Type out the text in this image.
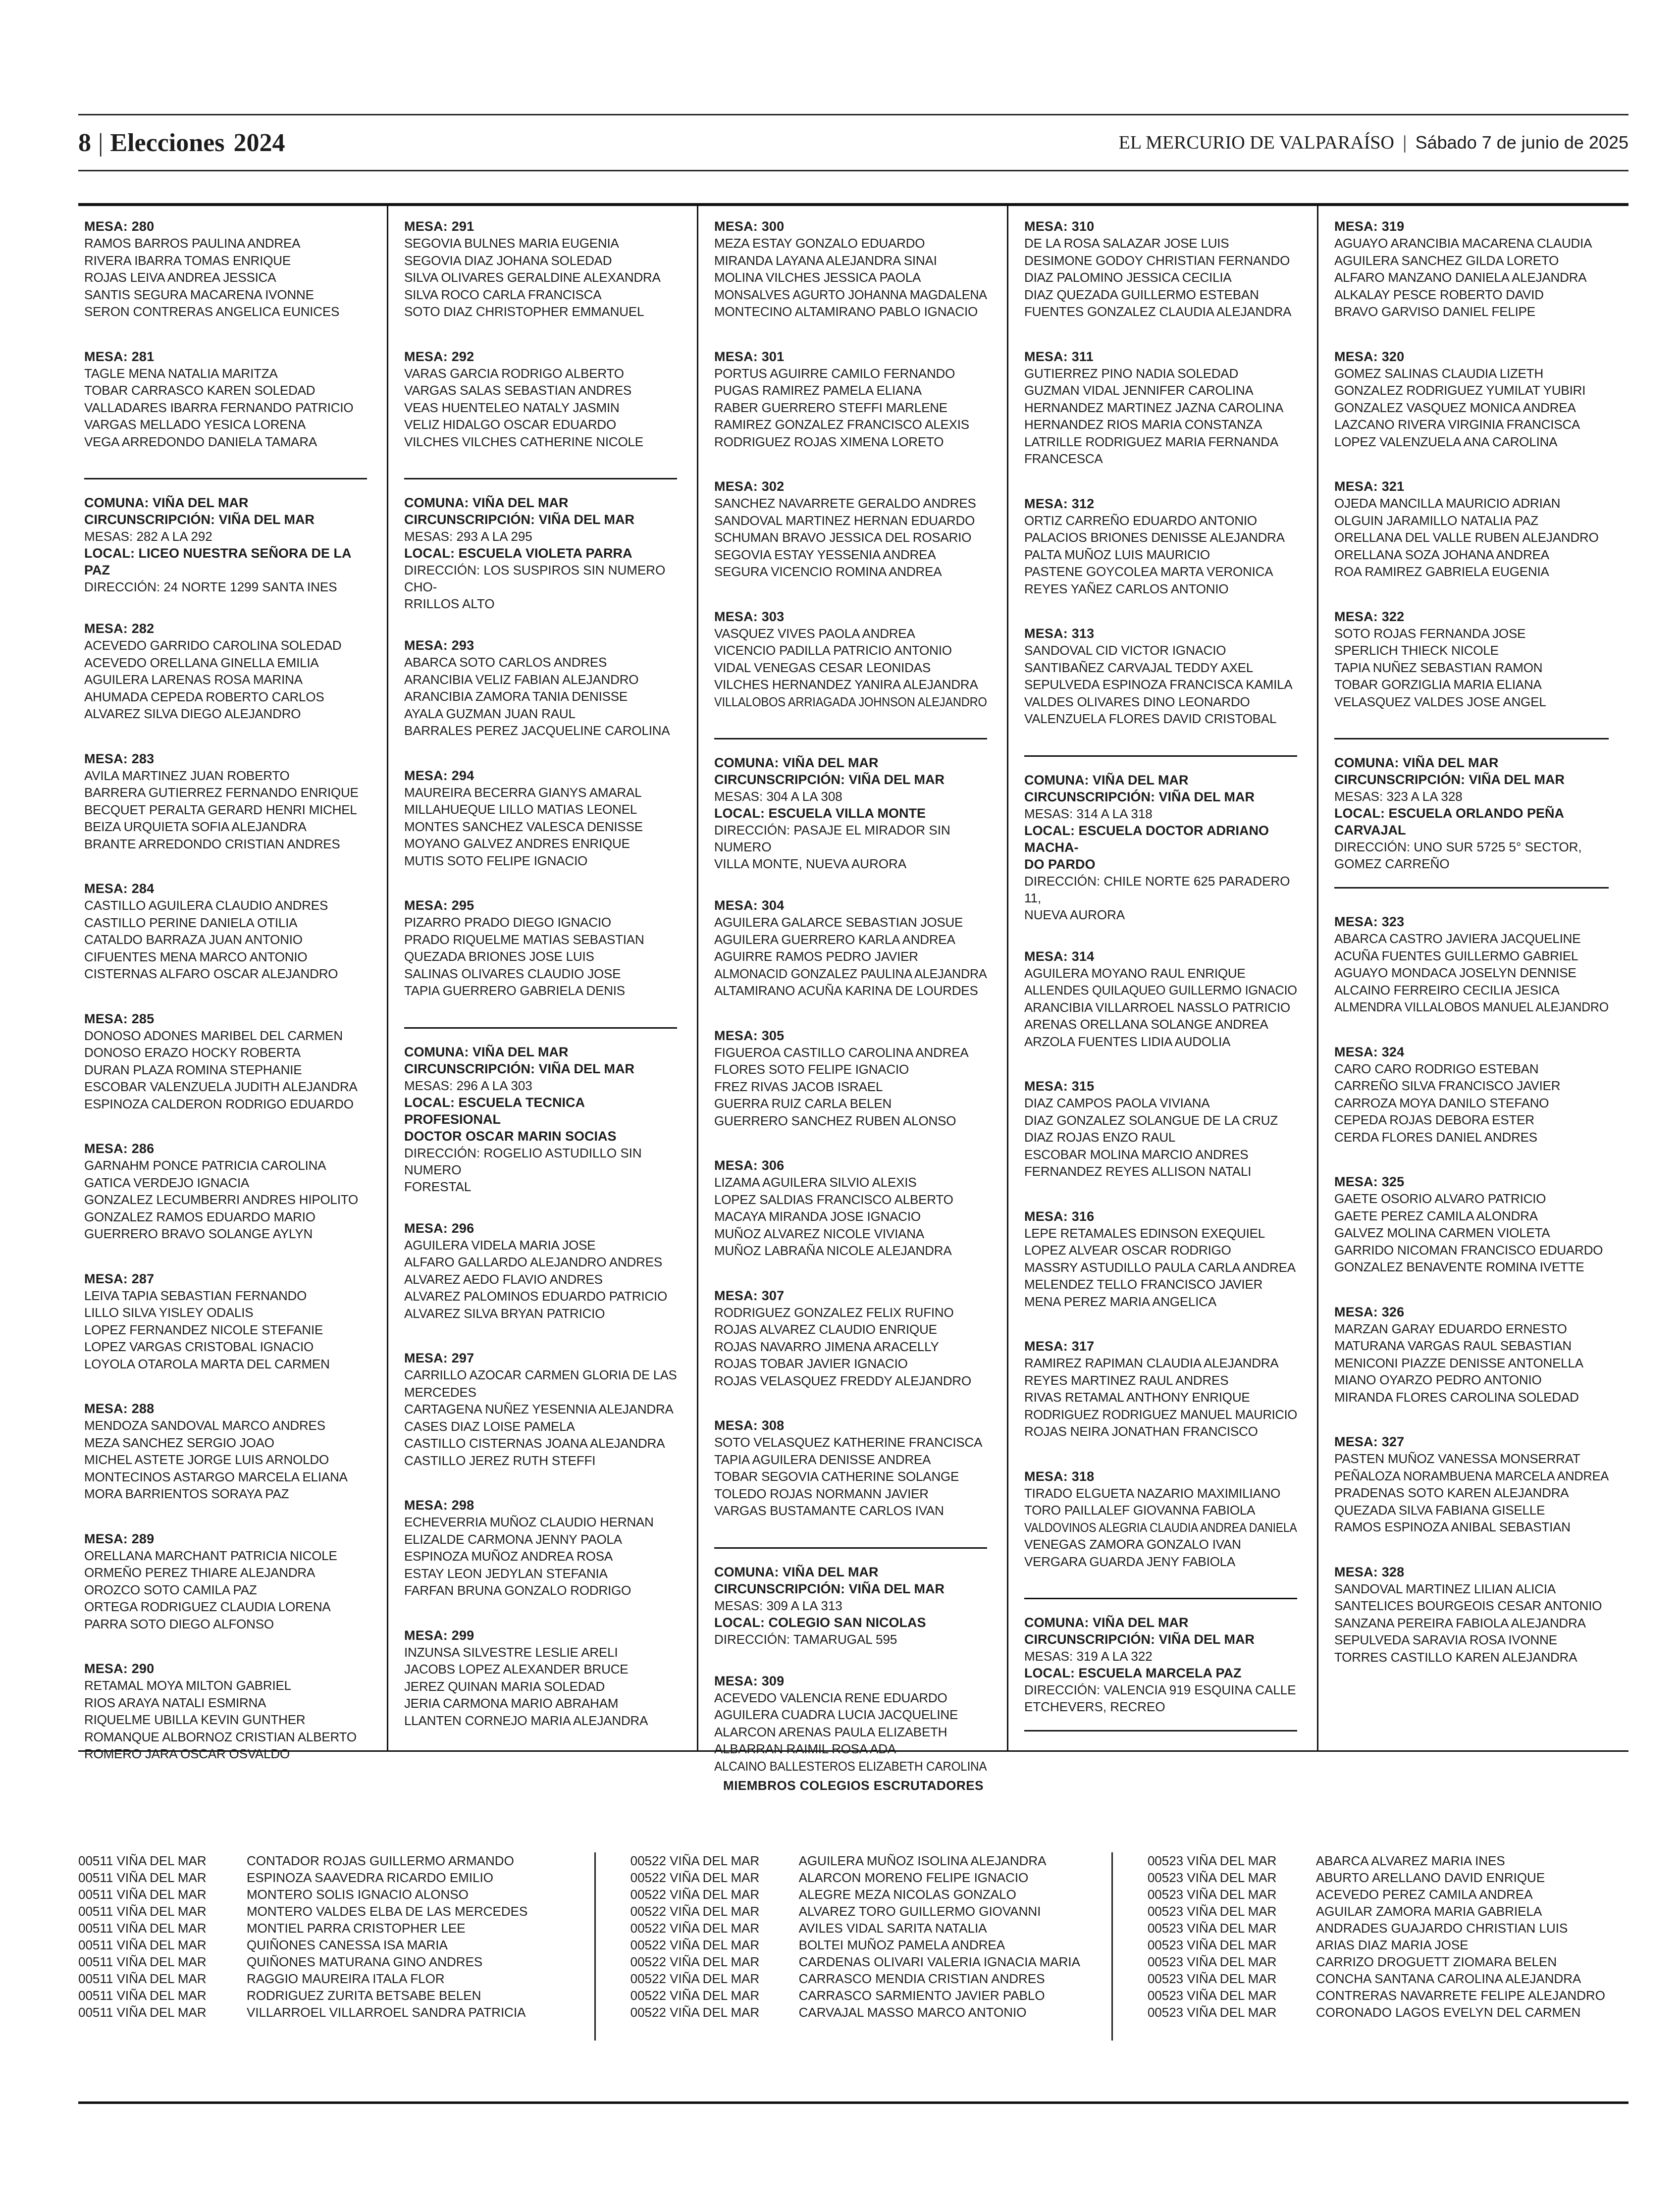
8 | Elecciones 2024	EL MERCURIO DE VALPARAÍSO | Sábado 7 de junio de 2025
MESA: 280
RAMOS BARROS PAULINA ANDREA
RIVERA IBARRA TOMAS ENRIQUE
ROJAS LEIVA ANDREA JESSICA
SANTIS SEGURA MACARENA IVONNE
SERON CONTRERAS ANGELICA EUNICES
MESA: 281
TAGLE MENA NATALIA MARITZA
TOBAR CARRASCO KAREN SOLEDAD
VALLADARES IBARRA FERNANDO PATRICIO
VARGAS MELLADO YESICA LORENA
VEGA ARREDONDO DANIELA TAMARA
COMUNA: VIÑA DEL MAR
CIRCUNSCRIPCIÓN: VIÑA DEL MAR
MESAS: 282 A LA 292
LOCAL: LICEO NUESTRA SEÑORA DE LA PAZ
DIRECCIÓN: 24 NORTE 1299 SANTA INES
MESA: 282
ACEVEDO GARRIDO CAROLINA SOLEDAD
ACEVEDO ORELLANA GINELLA EMILIA
AGUILERA LARENAS ROSA MARINA
AHUMADA CEPEDA ROBERTO CARLOS
ALVAREZ SILVA DIEGO ALEJANDRO
MESA: 283
AVILA MARTINEZ JUAN ROBERTO
BARRERA GUTIERREZ FERNANDO ENRIQUE
BECQUET PERALTA GERARD HENRI MICHEL
BEIZA URQUIETA SOFIA ALEJANDRA
BRANTE ARREDONDO CRISTIAN ANDRES
MESA: 284
CASTILLO AGUILERA CLAUDIO ANDRES
CASTILLO PERINE DANIELA OTILIA
CATALDO BARRAZA JUAN ANTONIO
CIFUENTES MENA MARCO ANTONIO
CISTERNAS ALFARO OSCAR ALEJANDRO
MESA: 285
DONOSO ADONES MARIBEL DEL CARMEN
DONOSO ERAZO HOCKY ROBERTA
DURAN PLAZA ROMINA STEPHANIE
ESCOBAR VALENZUELA JUDITH ALEJANDRA
ESPINOZA CALDERON RODRIGO EDUARDO
MESA: 286
GARNAHM PONCE PATRICIA CAROLINA
GATICA VERDEJO IGNACIA
GONZALEZ LECUMBERRI ANDRES HIPOLITO
GONZALEZ RAMOS EDUARDO MARIO
GUERRERO BRAVO SOLANGE AYLYN
MESA: 287
LEIVA TAPIA SEBASTIAN FERNANDO
LILLO SILVA YISLEY ODALIS
LOPEZ FERNANDEZ NICOLE STEFANIE
LOPEZ VARGAS CRISTOBAL IGNACIO
LOYOLA OTAROLA MARTA DEL CARMEN
MESA: 288
MENDOZA SANDOVAL MARCO ANDRES
MEZA SANCHEZ SERGIO JOAO
MICHEL ASTETE JORGE LUIS ARNOLDO
MONTECINOS ASTARGO MARCELA ELIANA
MORA BARRIENTOS SORAYA PAZ
MESA: 289
ORELLANA MARCHANT PATRICIA NICOLE
ORMEÑO PEREZ THIARE ALEJANDRA
OROZCO SOTO CAMILA PAZ
ORTEGA RODRIGUEZ CLAUDIA LORENA
PARRA SOTO DIEGO ALFONSO
MESA: 290
RETAMAL MOYA MILTON GABRIEL
RIOS ARAYA NATALI ESMIRNA
RIQUELME UBILLA KEVIN GUNTHER
ROMANQUE ALBORNOZ CRISTIAN ALBERTO
ROMERO JARA OSCAR OSVALDO
MESA: 291
SEGOVIA BULNES MARIA EUGENIA
SEGOVIA DIAZ JOHANA SOLEDAD
SILVA OLIVARES GERALDINE ALEXANDRA
SILVA ROCO CARLA FRANCISCA
SOTO DIAZ CHRISTOPHER EMMANUEL
MESA: 292
VARAS GARCIA RODRIGO ALBERTO
VARGAS SALAS SEBASTIAN ANDRES
VEAS HUENTELEO NATALY JASMIN
VELIZ HIDALGO OSCAR EDUARDO
VILCHES VILCHES CATHERINE NICOLE
COMUNA: VIÑA DEL MAR
CIRCUNSCRIPCIÓN: VIÑA DEL MAR
MESAS: 293 A LA 295
LOCAL: ESCUELA VIOLETA PARRA
DIRECCIÓN: LOS SUSPIROS SIN NUMERO CHO-
RRILLOS ALTO
MESA: 293
ABARCA SOTO CARLOS ANDRES
ARANCIBIA VELIZ FABIAN ALEJANDRO
ARANCIBIA ZAMORA TANIA DENISSE
AYALA GUZMAN JUAN RAUL
BARRALES PEREZ JACQUELINE CAROLINA
MESA: 294
MAUREIRA BECERRA GIANYS AMARAL
MILLAHUEQUE LILLO MATIAS LEONEL
MONTES SANCHEZ VALESCA DENISSE
MOYANO GALVEZ ANDRES ENRIQUE
MUTIS SOTO FELIPE IGNACIO
MESA: 295
PIZARRO PRADO DIEGO IGNACIO
PRADO RIQUELME MATIAS SEBASTIAN
QUEZADA BRIONES JOSE LUIS
SALINAS OLIVARES CLAUDIO JOSE
TAPIA GUERRERO GABRIELA DENIS
COMUNA: VIÑA DEL MAR
CIRCUNSCRIPCIÓN: VIÑA DEL MAR
MESAS: 296 A LA 303
LOCAL: ESCUELA TECNICA PROFESIONAL
DOCTOR OSCAR MARIN SOCIAS
DIRECCIÓN: ROGELIO ASTUDILLO SIN NUMERO
FORESTAL
MESA: 296
AGUILERA VIDELA MARIA JOSE
ALFARO GALLARDO ALEJANDRO ANDRES
ALVAREZ AEDO FLAVIO ANDRES
ALVAREZ PALOMINOS EDUARDO PATRICIO
ALVAREZ SILVA BRYAN PATRICIO
MESA: 297
CARRILLO AZOCAR CARMEN GLORIA DE LAS
MERCEDES
CARTAGENA NUÑEZ YESENNIA ALEJANDRA
CASES DIAZ LOISE PAMELA
CASTILLO CISTERNAS JOANA ALEJANDRA
CASTILLO JEREZ RUTH STEFFI
MESA: 298
ECHEVERRIA MUÑOZ CLAUDIO HERNAN
ELIZALDE CARMONA JENNY PAOLA
ESPINOZA MUÑOZ ANDREA ROSA
ESTAY LEON JEDYLAN STEFANIA
FARFAN BRUNA GONZALO RODRIGO
MESA: 299
INZUNSA SILVESTRE LESLIE ARELI
JACOBS LOPEZ ALEXANDER BRUCE
JEREZ QUINAN MARIA SOLEDAD
JERIA CARMONA MARIO ABRAHAM
LLANTEN CORNEJO MARIA ALEJANDRA
MESA: 300
MEZA ESTAY GONZALO EDUARDO
MIRANDA LAYANA ALEJANDRA SINAI
MOLINA VILCHES JESSICA PAOLA
MONSALVES AGURTO JOHANNA MAGDALENA
MONTECINO ALTAMIRANO PABLO IGNACIO
MESA: 301
PORTUS AGUIRRE CAMILO FERNANDO
PUGAS RAMIREZ PAMELA ELIANA
RABER GUERRERO STEFFI MARLENE
RAMIREZ GONZALEZ FRANCISCO ALEXIS
RODRIGUEZ ROJAS XIMENA LORETO
MESA: 302
SANCHEZ NAVARRETE GERALDO ANDRES
SANDOVAL MARTINEZ HERNAN EDUARDO
SCHUMAN BRAVO JESSICA DEL ROSARIO
SEGOVIA ESTAY YESSENIA ANDREA
SEGURA VICENCIO ROMINA ANDREA
MESA: 303
VASQUEZ VIVES PAOLA ANDREA
VICENCIO PADILLA PATRICIO ANTONIO
VIDAL VENEGAS CESAR LEONIDAS
VILCHES HERNANDEZ YANIRA ALEJANDRA
VILLALOBOS ARRIAGADA JOHNSON ALEJANDRO
COMUNA: VIÑA DEL MAR
CIRCUNSCRIPCIÓN: VIÑA DEL MAR
MESAS: 304 A LA 308
LOCAL: ESCUELA VILLA MONTE
DIRECCIÓN: PASAJE EL MIRADOR SIN NUMERO
VILLA MONTE, NUEVA AURORA
MESA: 304
AGUILERA GALARCE SEBASTIAN JOSUE
AGUILERA GUERRERO KARLA ANDREA
AGUIRRE RAMOS PEDRO JAVIER
ALMONACID GONZALEZ PAULINA ALEJANDRA
ALTAMIRANO ACUÑA KARINA DE LOURDES
MESA: 305
FIGUEROA CASTILLO CAROLINA ANDREA
FLORES SOTO FELIPE IGNACIO
FREZ RIVAS JACOB ISRAEL
GUERRA RUIZ CARLA BELEN
GUERRERO SANCHEZ RUBEN ALONSO
MESA: 306
LIZAMA AGUILERA SILVIO ALEXIS
LOPEZ SALDIAS FRANCISCO ALBERTO
MACAYA MIRANDA JOSE IGNACIO
MUÑOZ ALVAREZ NICOLE VIVIANA
MUÑOZ LABRAÑA NICOLE ALEJANDRA
MESA: 307
RODRIGUEZ GONZALEZ FELIX RUFINO
ROJAS ALVAREZ CLAUDIO ENRIQUE
ROJAS NAVARRO JIMENA ARACELLY
ROJAS TOBAR JAVIER IGNACIO
ROJAS VELASQUEZ FREDDY ALEJANDRO
MESA: 308
SOTO VELASQUEZ KATHERINE FRANCISCA
TAPIA AGUILERA DENISSE ANDREA
TOBAR SEGOVIA CATHERINE SOLANGE
TOLEDO ROJAS NORMANN JAVIER
VARGAS BUSTAMANTE CARLOS IVAN
COMUNA: VIÑA DEL MAR
CIRCUNSCRIPCIÓN: VIÑA DEL MAR
MESAS: 309 A LA 313
LOCAL: COLEGIO SAN NICOLAS
DIRECCIÓN: TAMARUGAL 595
MESA: 309
ACEVEDO VALENCIA RENE EDUARDO
AGUILERA CUADRA LUCIA JACQUELINE
ALARCON ARENAS PAULA ELIZABETH
ALBARRAN RAIMIL ROSA ADA
ALCAINO BALLESTEROS ELIZABETH CAROLINA
MESA: 310
DE LA ROSA SALAZAR JOSE LUIS
DESIMONE GODOY CHRISTIAN FERNANDO
DIAZ PALOMINO JESSICA CECILIA
DIAZ QUEZADA GUILLERMO ESTEBAN
FUENTES GONZALEZ CLAUDIA ALEJANDRA
MESA: 311
GUTIERREZ PINO NADIA SOLEDAD
GUZMAN VIDAL JENNIFER CAROLINA
HERNANDEZ MARTINEZ JAZNA CAROLINA
HERNANDEZ RIOS MARIA CONSTANZA
LATRILLE RODRIGUEZ MARIA FERNANDA
FRANCESCA
MESA: 312
ORTIZ CARREÑO EDUARDO ANTONIO
PALACIOS BRIONES DENISSE ALEJANDRA
PALTA MUÑOZ LUIS MAURICIO
PASTENE GOYCOLEA MARTA VERONICA
REYES YAÑEZ CARLOS ANTONIO
MESA: 313
SANDOVAL CID VICTOR IGNACIO
SANTIBAÑEZ CARVAJAL TEDDY AXEL
SEPULVEDA ESPINOZA FRANCISCA KAMILA
VALDES OLIVARES DINO LEONARDO
VALENZUELA FLORES DAVID CRISTOBAL
COMUNA: VIÑA DEL MAR
CIRCUNSCRIPCIÓN: VIÑA DEL MAR
MESAS: 314 A LA 318
LOCAL: ESCUELA DOCTOR ADRIANO MACHA-
DO PARDO
DIRECCIÓN: CHILE NORTE 625 PARADERO 11,
NUEVA AURORA
MESA: 314
AGUILERA MOYANO RAUL ENRIQUE
ALLENDES QUILAQUEO GUILLERMO IGNACIO
ARANCIBIA VILLARROEL NASSLO PATRICIO
ARENAS ORELLANA SOLANGE ANDREA
ARZOLA FUENTES LIDIA AUDOLIA
MESA: 315
DIAZ CAMPOS PAOLA VIVIANA
DIAZ GONZALEZ SOLANGUE DE LA CRUZ
DIAZ ROJAS ENZO RAUL
ESCOBAR MOLINA MARCIO ANDRES
FERNANDEZ REYES ALLISON NATALI
MESA: 316
LEPE RETAMALES EDINSON EXEQUIEL
LOPEZ ALVEAR OSCAR RODRIGO
MASSRY ASTUDILLO PAULA CARLA ANDREA
MELENDEZ TELLO FRANCISCO JAVIER
MENA PEREZ MARIA ANGELICA
MESA: 317
RAMIREZ RAPIMAN CLAUDIA ALEJANDRA
REYES MARTINEZ RAUL ANDRES
RIVAS RETAMAL ANTHONY ENRIQUE
RODRIGUEZ RODRIGUEZ MANUEL MAURICIO
ROJAS NEIRA JONATHAN FRANCISCO
MESA: 318
TIRADO ELGUETA NAZARIO MAXIMILIANO
TORO PAILLALEF GIOVANNA FABIOLA
VALDOVINOS ALEGRIA CLAUDIA ANDREA DANIELA
VENEGAS ZAMORA GONZALO IVAN
VERGARA GUARDA JENY FABIOLA
COMUNA: VIÑA DEL MAR
CIRCUNSCRIPCIÓN: VIÑA DEL MAR
MESAS: 319 A LA 322
LOCAL: ESCUELA MARCELA PAZ
DIRECCIÓN: VALENCIA 919 ESQUINA CALLE
ETCHEVERS, RECREO
MESA: 319
AGUAYO ARANCIBIA MACARENA CLAUDIA
AGUILERA SANCHEZ GILDA LORETO
ALFARO MANZANO DANIELA ALEJANDRA
ALKALAY PESCE ROBERTO DAVID
BRAVO GARVISO DANIEL FELIPE
MESA: 320
GOMEZ SALINAS CLAUDIA LIZETH
GONZALEZ RODRIGUEZ YUMILAT YUBIRI
GONZALEZ VASQUEZ MONICA ANDREA
LAZCANO RIVERA VIRGINIA FRANCISCA
LOPEZ VALENZUELA ANA CAROLINA
MESA: 321
OJEDA MANCILLA MAURICIO ADRIAN
OLGUIN JARAMILLO NATALIA PAZ
ORELLANA DEL VALLE RUBEN ALEJANDRO
ORELLANA SOZA JOHANA ANDREA
ROA RAMIREZ GABRIELA EUGENIA
MESA: 322
SOTO ROJAS FERNANDA JOSE
SPERLICH THIECK NICOLE
TAPIA NUÑEZ SEBASTIAN RAMON
TOBAR GORZIGLIA MARIA ELIANA
VELASQUEZ VALDES JOSE ANGEL
COMUNA: VIÑA DEL MAR
CIRCUNSCRIPCIÓN: VIÑA DEL MAR
MESAS: 323 A LA 328
LOCAL: ESCUELA ORLANDO PEÑA CARVAJAL
DIRECCIÓN: UNO SUR 5725 5° SECTOR, GOMEZ CARREÑO
MESA: 323
ABARCA CASTRO JAVIERA JACQUELINE
ACUÑA FUENTES GUILLERMO GABRIEL
AGUAYO MONDACA JOSELYN DENNISE
ALCAINO FERREIRO CECILIA JESICA
ALMENDRA VILLALOBOS MANUEL ALEJANDRO
MESA: 324
CARO CARO RODRIGO ESTEBAN
CARREÑO SILVA FRANCISCO JAVIER
CARROZA MOYA DANILO STEFANO
CEPEDA ROJAS DEBORA ESTER
CERDA FLORES DANIEL ANDRES
MESA: 325
GAETE OSORIO ALVARO PATRICIO
GAETE PEREZ CAMILA ALONDRA
GALVEZ MOLINA CARMEN VIOLETA
GARRIDO NICOMAN FRANCISCO EDUARDO
GONZALEZ BENAVENTE ROMINA IVETTE
MESA: 326
MARZAN GARAY EDUARDO ERNESTO
MATURANA VARGAS RAUL SEBASTIAN
MENICONI PIAZZE DENISSE ANTONELLA
MIANO OYARZO PEDRO ANTONIO
MIRANDA FLORES CAROLINA SOLEDAD
MESA: 327
PASTEN MUÑOZ VANESSA MONSERRAT
PEÑALOZA NORAMBUENA MARCELA ANDREA
PRADENAS SOTO KAREN ALEJANDRA
QUEZADA SILVA FABIANA GISELLE
RAMOS ESPINOZA ANIBAL SEBASTIAN
MESA: 328
SANDOVAL MARTINEZ LILIAN ALICIA
SANTELICES BOURGEOIS CESAR ANTONIO
SANZANA PEREIRA FABIOLA ALEJANDRA
SEPULVEDA SARAVIA ROSA IVONNE
TORRES CASTILLO KAREN ALEJANDRA
MIEMBROS COLEGIOS ESCRUTADORES
00511 VIÑA DEL MAR
00511 VIÑA DEL MAR
00511 VIÑA DEL MAR
00511 VIÑA DEL MAR
00511 VIÑA DEL MAR
00511 VIÑA DEL MAR
00511 VIÑA DEL MAR
00511 VIÑA DEL MAR
00511 VIÑA DEL MAR
00511 VIÑA DEL MAR
CONTADOR ROJAS GUILLERMO ARMANDO
ESPINOZA SAAVEDRA RICARDO EMILIO
MONTERO SOLIS IGNACIO ALONSO
MONTERO VALDES ELBA DE LAS MERCEDES
MONTIEL PARRA CRISTOPHER LEE
QUIÑONES CANESSA ISA MARIA
QUIÑONES MATURANA GINO ANDRES
RAGGIO MAUREIRA ITALA FLOR
RODRIGUEZ ZURITA BETSABE BELEN
VILLARROEL VILLARROEL SANDRA PATRICIA
00522 VIÑA DEL MAR
00522 VIÑA DEL MAR
00522 VIÑA DEL MAR
00522 VIÑA DEL MAR
00522 VIÑA DEL MAR
00522 VIÑA DEL MAR
00522 VIÑA DEL MAR
00522 VIÑA DEL MAR
00522 VIÑA DEL MAR
00522 VIÑA DEL MAR
AGUILERA MUÑOZ ISOLINA ALEJANDRA
ALARCON MORENO FELIPE IGNACIO
ALEGRE MEZA NICOLAS GONZALO
ALVAREZ TORO GUILLERMO GIOVANNI
AVILES VIDAL SARITA NATALIA
BOLTEI MUÑOZ PAMELA ANDREA
CARDENAS OLIVARI VALERIA IGNACIA MARIA
CARRASCO MENDIA CRISTIAN ANDRES
CARRASCO SARMIENTO JAVIER PABLO
CARVAJAL MASSO MARCO ANTONIO
00523 VIÑA DEL MAR
00523 VIÑA DEL MAR
00523 VIÑA DEL MAR
00523 VIÑA DEL MAR
00523 VIÑA DEL MAR
00523 VIÑA DEL MAR
00523 VIÑA DEL MAR
00523 VIÑA DEL MAR
00523 VIÑA DEL MAR
00523 VIÑA DEL MAR
ABARCA ALVAREZ MARIA INES
ABURTO ARELLANO DAVID ENRIQUE
ACEVEDO PEREZ CAMILA ANDREA
AGUILAR ZAMORA MARIA GABRIELA
ANDRADES GUAJARDO CHRISTIAN LUIS
ARIAS DIAZ MARIA JOSE
CARRIZO DROGUETT ZIOMARA BELEN
CONCHA SANTANA CAROLINA ALEJANDRA
CONTRERAS NAVARRETE FELIPE ALEJANDRO
CORONADO LAGOS EVELYN DEL CARMEN
